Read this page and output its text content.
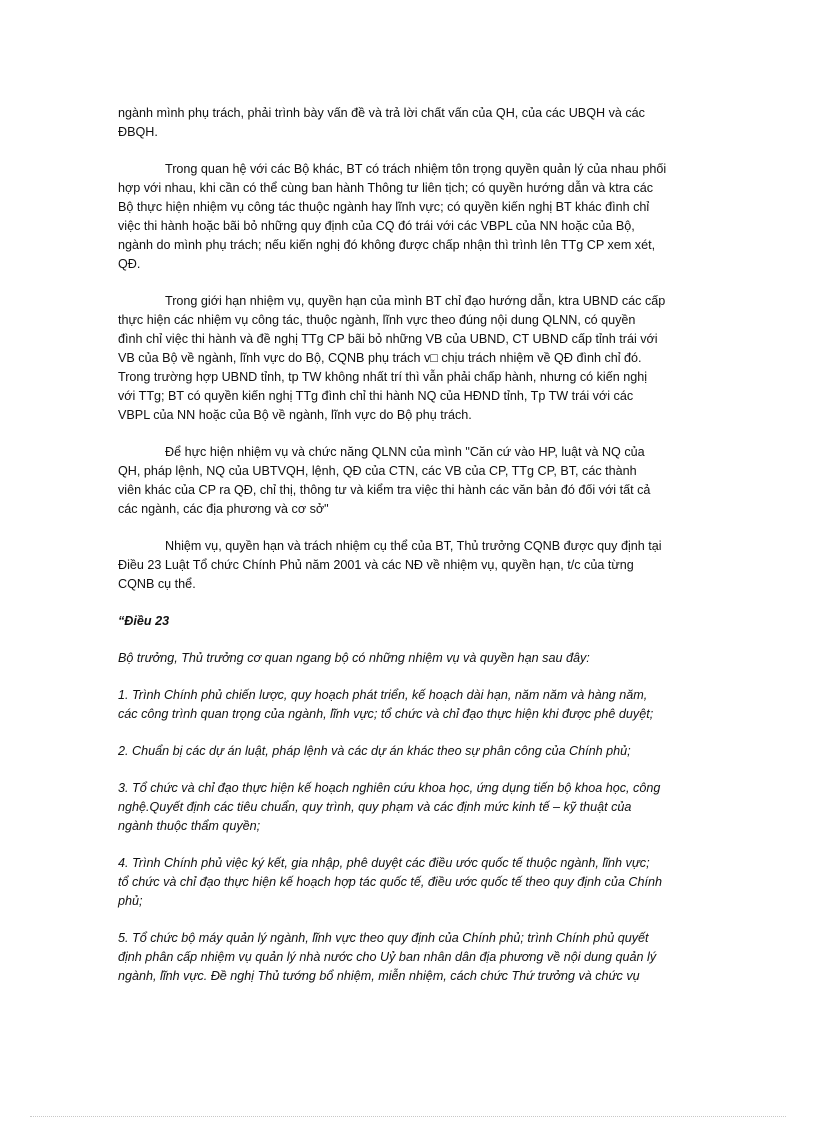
ngành mình phụ trách, phải trình bày vấn đề và trả lời chất vấn của QH, của các UBQH và các
ĐBQH.

Trong quan hệ với các Bộ khác, BT có trách nhiệm tôn trọng quyền quản lý của nhau phối
hợp với nhau, khi cần có thể cùng ban hành Thông tư liên tịch; có quyền hướng dẫn và ktra các
Bộ thực hiện nhiệm vụ công tác thuộc ngành hay lĩnh vực; có quyền kiến nghị BT khác đình chỉ
việc thi hành hoặc bãi bỏ những quy định của CQ đó trái với các VBPL của NN hoặc của Bộ,
ngành do mình phụ trách; nếu kiến nghị đó không được chấp nhận thì trình lên TTg CP xem xét,
QĐ.

Trong giới hạn nhiệm vụ, quyền hạn của mình BT chỉ đạo hướng dẫn, ktra UBND các cấp
thực hiện các nhiệm vụ công tác, thuộc ngành, lĩnh vực theo đúng nội dung QLNN, có quyền
đình chỉ việc thi hành và đề nghị TTg CP bãi bỏ những VB của UBND, CT UBND cấp tỉnh trái với
VB của Bộ về ngành, lĩnh vực do Bộ, CQNB phụ trách v□ chịu trách nhiệm về QĐ đình chỉ đó.
Trong trường hợp UBND tỉnh, tp TW không nhất trí thì vẫn phải chấp hành, nhưng có kiến nghị
với TTg; BT có quyền kiến nghị TTg đình chỉ thi hành NQ của HĐND tỉnh, Tp TW trái với các
VBPL của NN hoặc của Bộ về ngành, lĩnh vực do Bộ phụ trách.

Để hực hiện nhiệm vụ và chức năng QLNN của mình "Căn cứ vào HP, luật và NQ của
QH, pháp lệnh, NQ của UBTVQH, lệnh, QĐ của CTN, các VB của CP, TTg CP, BT, các thành
viên khác của CP ra QĐ, chỉ thị, thông tư và kiểm tra việc thi hành các văn bản đó đối với tất cả
các ngành, các địa phương và cơ sở"

Nhiệm vụ, quyền hạn và trách nhiệm cụ thể của BT, Thủ trưởng CQNB được quy định tại
Điều 23 Luật Tổ chức Chính Phủ năm 2001 và các NĐ về nhiệm vụ, quyền hạn, t/c của từng
CQNB cụ thể.

“Điều 23

Bộ trưởng, Thủ trưởng cơ quan ngang bộ có những nhiệm vụ và quyền hạn sau đây:

1. Trình Chính phủ chiến lược, quy hoạch phát triển, kế hoạch dài hạn, năm năm và hàng năm,
các công trình quan trọng của ngành, lĩnh vực; tổ chức và chỉ đạo thực hiện khi được phê duyệt;

2. Chuẩn bị các dự án luật, pháp lệnh và các dự án khác theo sự phân công của Chính phủ;

3. Tổ chức và chỉ đạo thực hiện kế hoạch nghiên cứu khoa học, ứng dụng tiến bộ khoa học, công
nghệ.Quyết định các tiêu chuẩn, quy trình, quy phạm và các định mức kinh tế – kỹ thuật của
ngành thuộc thẩm quyền;

4. Trình Chính phủ việc ký kết, gia nhập, phê duyệt các điều ước quốc tế thuộc ngành, lĩnh vực;
tổ chức và chỉ đạo thực hiện kế hoạch hợp tác quốc tế, điều ước quốc tế theo quy định của Chính
phủ;

5. Tổ chức bộ máy quản lý ngành, lĩnh vực theo quy định của Chính phủ; trình Chính phủ quyết
định phân cấp nhiệm vụ quản lý nhà nước cho Uỷ ban nhân dân địa phương về nội dung quản lý
ngành, lĩnh vực. Đề nghị Thủ tướng bổ nhiệm, miễn nhiệm, cách chức Thứ trưởng và chức vụ
